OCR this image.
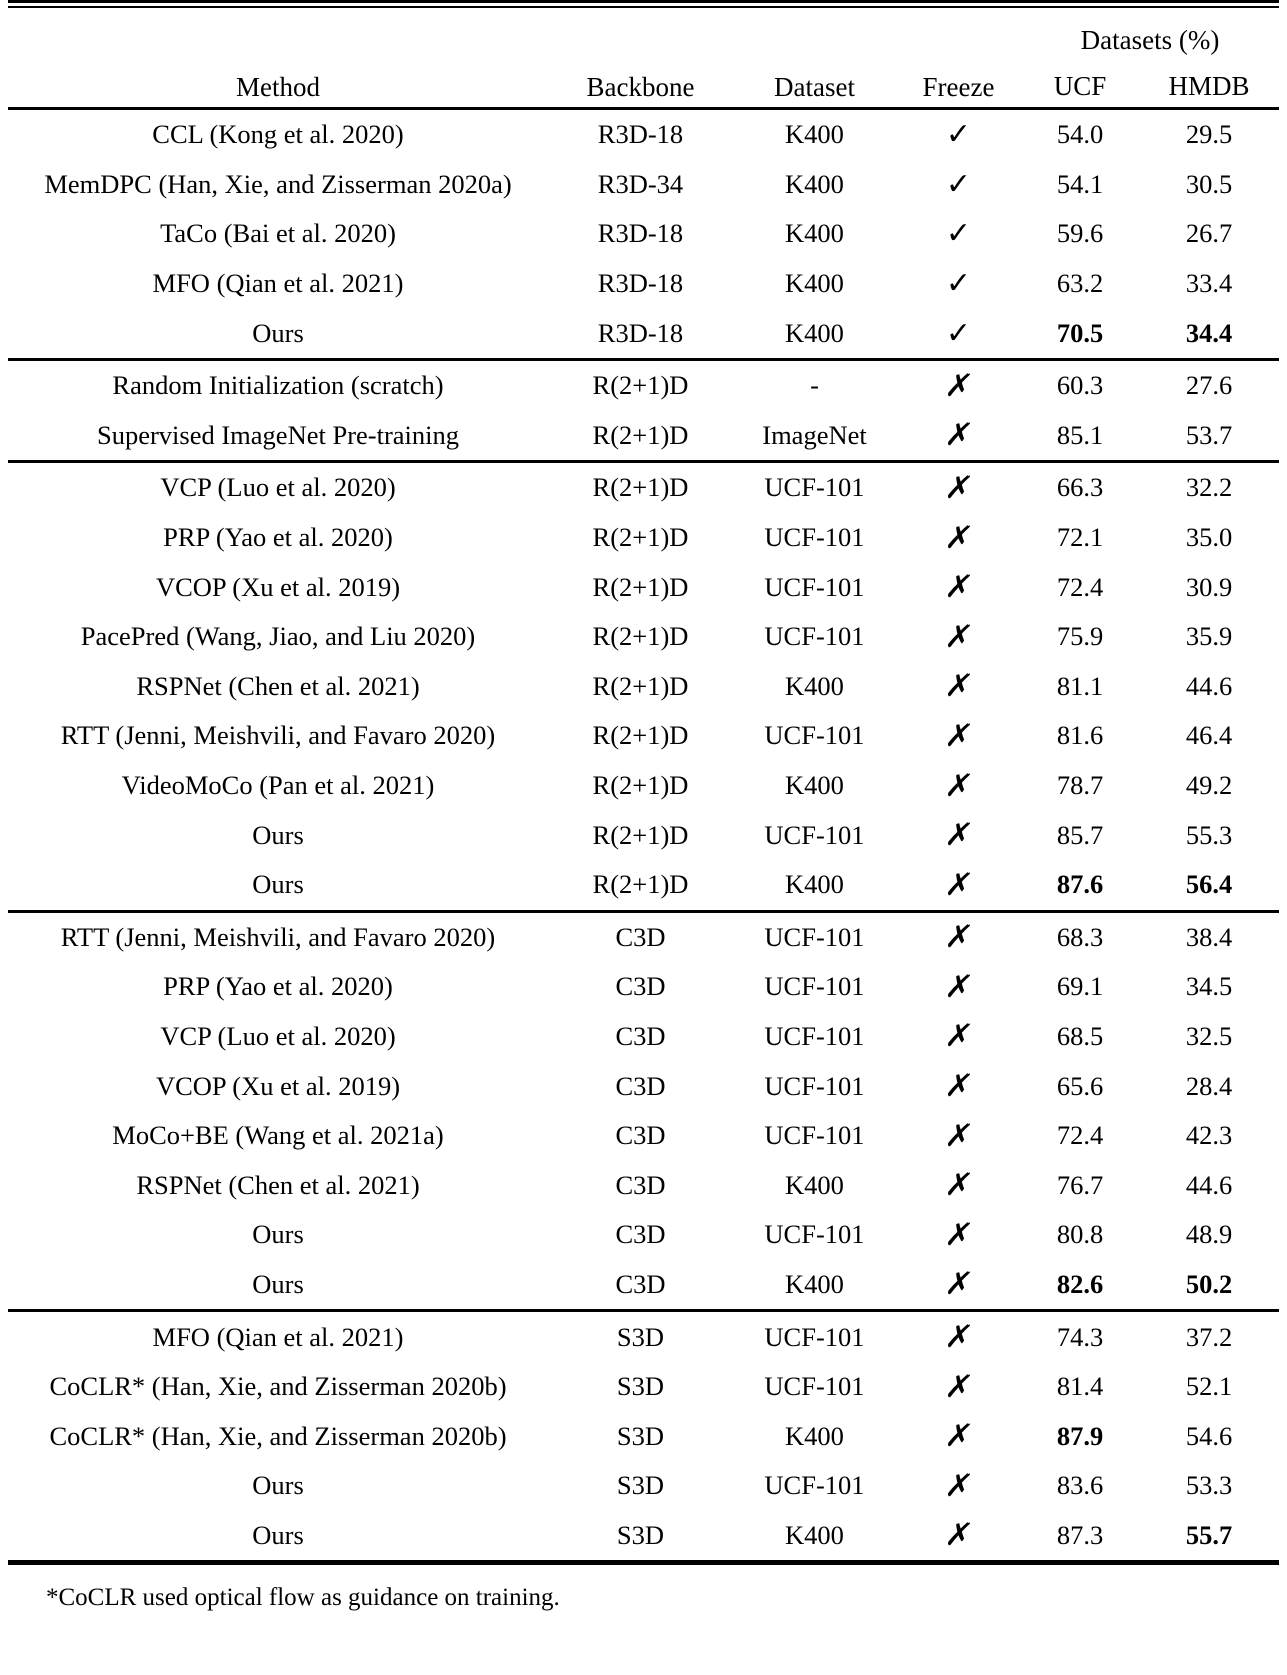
Method	Backbone	Dataset	Freeze	Datasets (%)	
				UCF	HMDB

CCL (Kong et al. 2020)	R3D-18	K400	✓	54.0	29.5
MemDPC (Han, Xie, and Zisserman 2020a)	R3D-34	K400	✓	54.1	30.5
TaCo (Bai et al. 2020)	R3D-18	K400	✓	59.6	26.7
MFO (Qian et al. 2021)	R3D-18	K400	✓	63.2	33.4
Ours	R3D-18	K400	✓	70.5	34.4

Random Initialization (scratch)	R(2+1)D	-	✗	60.3	27.6
Supervised ImageNet Pre-training	R(2+1)D	ImageNet	✗	85.1	53.7

VCP (Luo et al. 2020)	R(2+1)D	UCF-101	✗	66.3	32.2
PRP (Yao et al. 2020)	R(2+1)D	UCF-101	✗	72.1	35.0
VCOP (Xu et al. 2019)	R(2+1)D	UCF-101	✗	72.4	30.9
PacePred (Wang, Jiao, and Liu 2020)	R(2+1)D	UCF-101	✗	75.9	35.9
RSPNet (Chen et al. 2021)	R(2+1)D	K400	✗	81.1	44.6
RTT (Jenni, Meishvili, and Favaro 2020)	R(2+1)D	UCF-101	✗	81.6	46.4
VideoMoCo (Pan et al. 2021)	R(2+1)D	K400	✗	78.7	49.2
Ours	R(2+1)D	UCF-101	✗	85.7	55.3
Ours	R(2+1)D	K400	✗	87.6	56.4

RTT (Jenni, Meishvili, and Favaro 2020)	C3D	UCF-101	✗	68.3	38.4
PRP (Yao et al. 2020)	C3D	UCF-101	✗	69.1	34.5
VCP (Luo et al. 2020)	C3D	UCF-101	✗	68.5	32.5
VCOP (Xu et al. 2019)	C3D	UCF-101	✗	65.6	28.4
MoCo+BE (Wang et al. 2021a)	C3D	UCF-101	✗	72.4	42.3
RSPNet (Chen et al. 2021)	C3D	K400	✗	76.7	44.6
Ours	C3D	UCF-101	✗	80.8	48.9
Ours	C3D	K400	✗	82.6	50.2

MFO (Qian et al. 2021)	S3D	UCF-101	✗	74.3	37.2
CoCLR* (Han, Xie, and Zisserman 2020b)	S3D	UCF-101	✗	81.4	52.1
CoCLR* (Han, Xie, and Zisserman 2020b)	S3D	K400	✗	87.9	54.6
Ours	S3D	UCF-101	✗	83.6	53.3
Ours	S3D	K400	✗	87.3	55.7
*CoCLR used optical flow as guidance on training.
